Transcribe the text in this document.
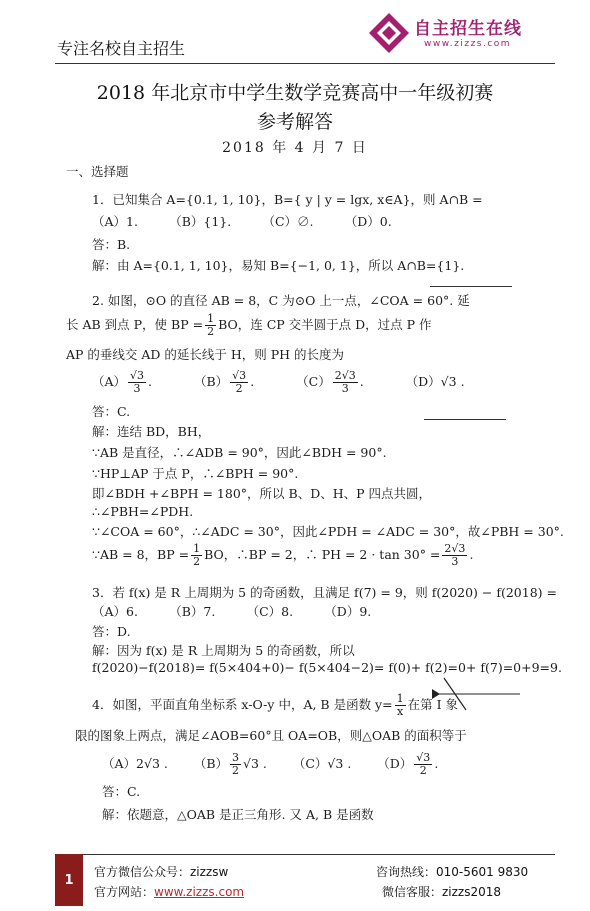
专注名校自主招生
自主招生在线
www.zizzs.com
2018 年北京市中学生数学竞赛高中一年级初赛
参考解答
2018 年 4 月 7 日
一、选择题
1．已知集合 A={0.1, 1, 10}，B={ y | y = lgx, x∈A}，则 A∩B =
（A）1.　　　（B）{1}.　　　（C）∅.　　　（D）0.
答：B.
解：由 A={0.1, 1, 10}，易知 B={−1, 0, 1}，所以 A∩B={1}.
2. 如图，⊙O 的直径 AB = 8，C 为⊙O 上一点，∠COA = 60°. 延
长 AB 到点 P，使 BP = $\frac{1}{2}$ BO，连 CP 交半圆于点 D，过点 P 作
AP 的垂线交 AD 的延长线于 H，则 PH 的长度为
$(A) \frac{√3}{3}$ .	$(B) \frac{√3}{2}$ .	$(C) \frac{2√3}{3}$ .	（D）√3 .
答：C.
解：连结 BD，BH，
∵AB 是直径，∴∠ADB = 90°，因此∠BDH = 90°.
∵HP⊥AP 于点 P，∴∠BPH = 90°.
即∠BDH +∠BPH = 180°，所以 B、D、H、P 四点共圆，
∴∠PBH=∠PDH.
∵∠COA = 60°，∴∠ADC = 30°，因此∠PDH = ∠ADC = 30°，故∠PBH = 30°.
∵AB = 8，BP = $\frac{1}{2}$ BO，∴BP = 2，∴ PH = $2 \cdot \tan 30^\circ = \frac{2√3}{3}$ .
3．若 f(x) 是 R 上周期为 5 的奇函数，且满足 f(7) = 9，则 f(2020) − f(2018) =
（A）6.　　　（B）7.　　　（C）8.　　　（D）9.
答：D.
解：因为 f(x) 是 R 上周期为 5 的奇函数，所以
f(2020)−f(2018)= f(5×404+0)− f(5×404−2)= f(0)+ f(2)=0+ f(7)=0+9=9.
4．如图，平面直角坐标系 x-O-y 中，A, B 是函数 $y= \frac{1}{x}$ 在第 I 象
限的图象上两点，满足∠AOB=60°且 OA=OB，则△OAB 的面积等于
（A）2√3 . $(B) \frac{3}{2} √3$ . （C）√3 . $(D) \frac{√3}{2}$ .
答：C.
解：依题意，△OAB 是正三角形. 又 A, B 是函数
1
官方微信公众号：zizzsw
官方网站：www.zizzs.com
咨询热线：010-5601 9830
微信客服：zizzs2018
